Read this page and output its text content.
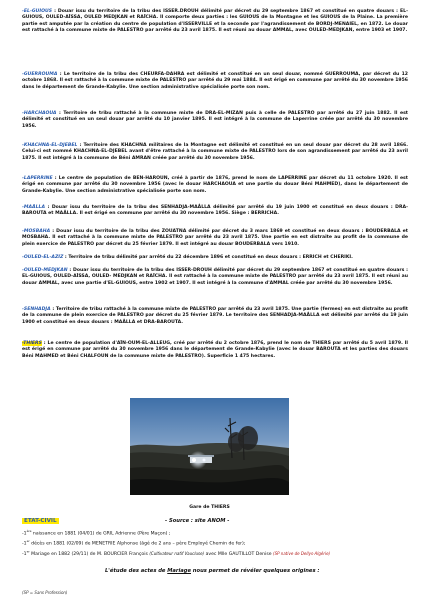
-EL-GUIOUS : Douar issu du territoire de la tribu des ISSER.DROUH délimité par décret du 29 septembre 1867 et constitué en quatre douars : EL-GUIOUS, OULED-AÏSSA, OULED MEDJKAN et RAÏCHA. Il comporte deux parties : les GUIOUS de la Montagne et les GUIOUS de la Plaine. La première partie est amputée par la création du centre de population d'ISSERVILLE et la seconde par l'agrandissement de BORDJ-MENAIEL, en 1872. Le douar est rattaché à la commune mixte de PALESTRO par arrêté du 23 avril 1875. Il est réuni au douar AMMAL, avec OULED-MEDJKAN, entre 1903 et 1907.
-GUERROUMA : Le territoire de la tribu des CHEURFA-DAHRA est délimité et constitué en un seul douar, nommé GUERROUMA, par décret du 12 octobre 1868. Il est rattaché à la commune mixte de PALESTRO par arrêté du 29 mai 1884. Il est érigé en commune par arrêté du 30 novembre 1956 dans le département de Grande-Kabylie. Une section administrative spécialisée porte son nom.
-HARCHAOUA : Territoire de tribu rattaché à la commune mixte de DRA-EL-MIZAN puis à celle de PALESTRO par arrêté du 27 juin 1882. Il est délimité et constitué en un seul douar par arrêté du 10 janvier 1895. Il est intégré à la commune de Laperrine créée par arrêté du 30 novembre 1956.
-KHACHNA-EL-DJEBEL : Territoire des KHACHNA militaires de la Montagne est délimité et constitué en un seul douar par décret du 28 avril 1866. Celui-ci est nommé KHACHNA-EL-DJEBEL avant d'être rattaché à la commune mixte de PALESTRO lors de son agrandissement par arrêté du 23 avril 1875. Il est intégré à la commune de Béni AMRAN créée par arrêté du 30 novembre 1956.
-LAPERRINE : Le centre de population de BEN-HAROUN, créé à partir de 1876, prend le nom de LAPERRINE par décret du 11 octobre 1920. Il est érigé en commune par arrêté du 30 novembre 1956 (avec le douar HARCHAOUA et une partie du douar Béni MAHMED), dans le département de Grande-Kabylie. Une section administrative spécialisée porte son nom.
-MAÂLLA : Douar issu du territoire de la tribu des SENHADJA-MAÂLLA délimité par arrêté du 19 juin 1900 et constitué en deux douars : DRA-BAROUTA et MAÂLLA. Il est érigé en commune par arrêté du 30 novembre 1956. Siège : BERRICHA.
-MOSBAHA : Douar issu du territoire de la tribu des ZOUATNA délimité par décret du 3 mars 1869 et constitué en deux douars : BOUDERBALA et MOSBAHA. Il est rattaché à la commune mixte de PALESTRO par arrêté du 23 avril 1875. Une partie en est distraite au profit de la commune de plein exercice de PALESTRO par décret du 25 février 1879. Il est intégré au douar BOUDERBALA vers 1910.
-OULED-EL-AZIZ : Territoire de tribu délimité par arrêté du 22 décembre 1896 et constitué en deux douars : ERRICH et CHERIKI.
-OULED-MEDJKAN : Douar issu du territoire de la tribu des ISSER-DROUH délimité par décret du 29 septembre 1867 et constitué en quatre douars : EL-GUIOUS, OULED-AÏSSA, OULED- MEDJKAN et RAÏCHA. Il est rattaché à la commune mixte de PALESTRO par arrêté du 23 avril 1875. Il est réuni au douar AMMAL, avec une partie d'EL-GUIOUS, entre 1902 et 1907. Il est intégré à la commune d'AMMAL créée par arrêté du 30 novembre 1956.
-SENHADJA : Territoire de tribu rattaché à la commune mixte de PALESTRO par arrêté du 23 avril 1875. Une partie (fermes) en est distraite au profit de la commune de plein exercice de PALESTRO par décret du 25 février 1879. Le territoire des SENHADJA-MAÂLLA est délimité par arrêté du 19 juin 1900 et constitué en deux douars : MAÂLLA et DRA-BAROUTA.
-THIERS : Le centre de population d'AÏN-OUM-EL-ALLEUG, créé par arrêté du 2 octobre 1876, prend le nom de THIERS par arrêté du 5 avril 1879. Il est érigé en commune par arrêté du 30 novembre 1956 dans le département de Grande-Kabylie (avec le douar BAROUTA et les parties des douars Béni MAHMED et Béni CHALFOUN de la commune mixte de PALESTRO). Superficie 1 475 hectares.
Gare de THIERS
ETAT-CIVIL	- Source : site ANOM -
-1ère naissance en 1881 (04/01) de GRIL Adrienne (Père Maçon) ;
-1er décès en 1881 (02/09) de MENETRIE Alphonse (âgé de 2 ans – père Employé Chemin de fer);
-1er Mariage en 1882 (29/11) de M. BOURCIER François (Cultivateur natif Vaucluse) avec Mlle GAUTILLOT Denise (SP native de Dellys-Algérie)
L'étude des actes de Mariage nous permet de révéler quelques origines :
(SP = Sans Profession)
